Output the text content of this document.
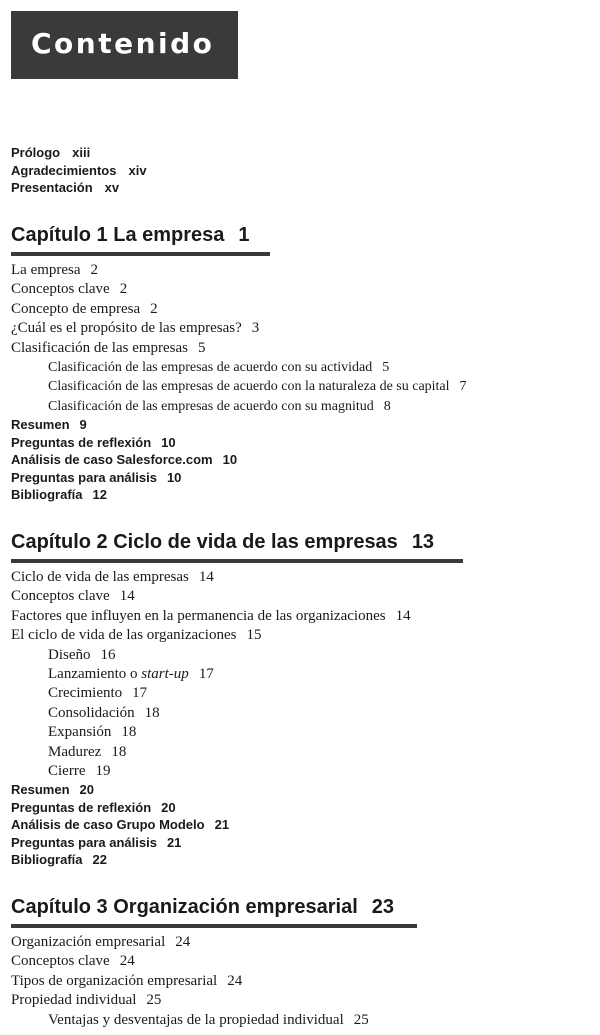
Contenido
Prólogo xiii
Agradecimientos xiv
Presentación xv
Capítulo 1 La empresa 1
La empresa 2
Conceptos clave 2
Concepto de empresa 2
¿Cuál es el propósito de las empresas? 3
Clasificación de las empresas 5
Clasificación de las empresas de acuerdo con su actividad 5
Clasificación de las empresas de acuerdo con la naturaleza de su capital 7
Clasificación de las empresas de acuerdo con su magnitud 8
Resumen 9
Preguntas de reflexión 10
Análisis de caso Salesforce.com 10
Preguntas para análisis 10
Bibliografía 12
Capítulo 2 Ciclo de vida de las empresas 13
Ciclo de vida de las empresas 14
Conceptos clave 14
Factores que influyen en la permanencia de las organizaciones 14
El ciclo de vida de las organizaciones 15
Diseño 16
Lanzamiento o start-up 17
Crecimiento 17
Consolidación 18
Expansión 18
Madurez 18
Cierre 19
Resumen 20
Preguntas de reflexión 20
Análisis de caso Grupo Modelo 21
Preguntas para análisis 21
Bibliografía 22
Capítulo 3 Organización empresarial 23
Organización empresarial 24
Conceptos clave 24
Tipos de organización empresarial 24
Propiedad individual 25
Ventajas y desventajas de la propiedad individual 25
